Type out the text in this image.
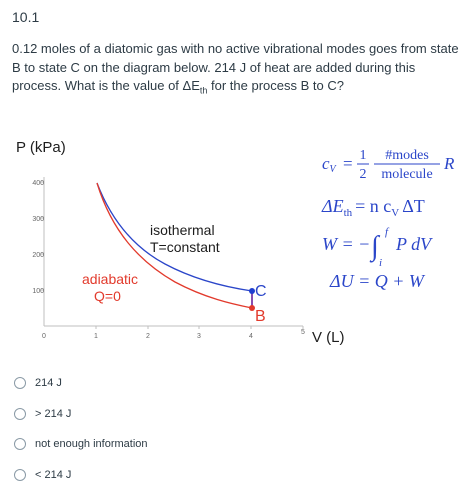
10.1
0.12 moles of a diatomic gas with no active vibrational modes goes from state B to state C on the diagram below. 214 J of heat are added during this process. What is the value of $\Delta E_{th}$ for the process B to C?
P (kPa)
V (L)
400
300
200
100
0	1	2	3	4
5
isothermal
T=constant
adiabatic
Q=0	C
B
cV = 1
2
#modes
molecule
R
$\Delta E_{th} = n$ $c_V$ ΔT
W = − ∫ f
i
P dV
ΔU = Q + W
214 J
> 214 J
not enough information
< 214 J
